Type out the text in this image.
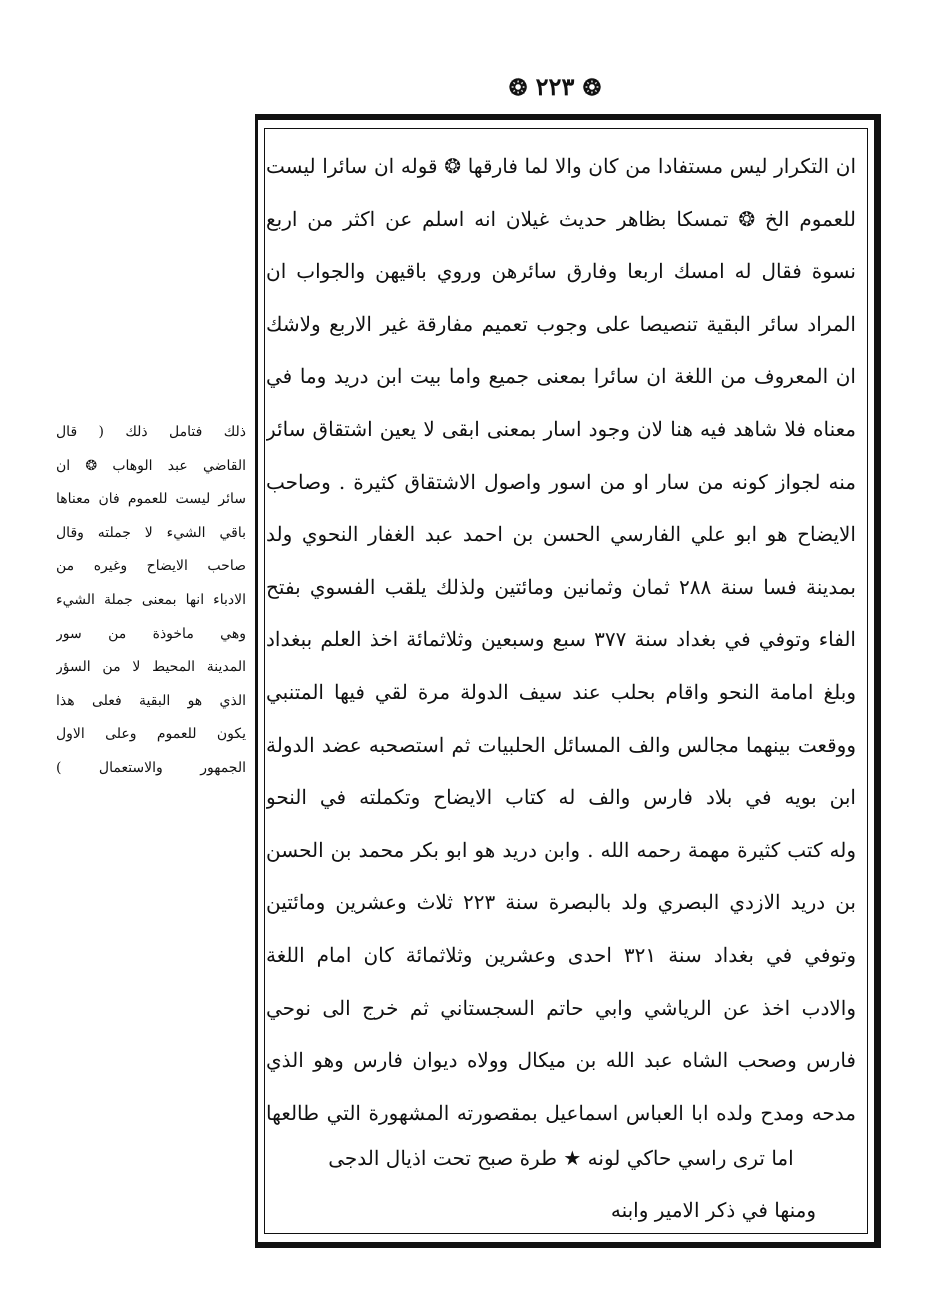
❂ ٢٢٣ ❂
ان التكرار ليس مستفادا من كان والا لما فارقها ❂ قوله ان سائرا ليست
للعموم الخ ❂ تمسكا بظاهر حديث غيلان انه اسلم عن اكثر من اربع
نسوة فقال له امسك اربعا وفارق سائرهن وروي باقيهن والجواب ان
المراد سائر البقية تنصيصا على وجوب تعميم مفارقة غير الاربع ولاشك
ان المعروف من اللغة ان سائرا بمعنى جميع واما بيت ابن دريد وما في
معناه فلا شاهد فيه هنا لان وجود اسار بمعنى ابقى لا يعين اشتقاق سائر
منه لجواز كونه من سار او من اسور واصول الاشتقاق كثيرة . وصاحب
الايضاح هو ابو علي الفارسي الحسن بن احمد عبد الغفار النحوي ولد
بمدينة فسا سنة ٢٨٨ ثمان وثمانين ومائتين ولذلك يلقب الفسوي بفتح
الفاء وتوفي في بغداد سنة ٣٧٧ سبع وسبعين وثلاثمائة اخذ العلم ببغداد
وبلغ امامة النحو واقام بحلب عند سيف الدولة مرة لقي فيها المتنبي
ووقعت بينهما مجالس والف المسائل الحلبيات ثم استصحبه عضد الدولة
ابن بويه في بلاد فارس والف له كتاب الايضاح وتكملته في النحو
وله كتب كثيرة مهمة رحمه الله . وابن دريد هو ابو بكر محمد بن الحسن
بن دريد الازدي البصري ولد بالبصرة سنة ٢٢٣ ثلاث وعشرين ومائتين
وتوفي في بغداد سنة ٣٢١ احدى وعشرين وثلاثمائة كان امام اللغة
والادب اخذ عن الرياشي وابي حاتم السجستاني ثم خرج الى نوحي
فارس وصحب الشاه عبد الله بن ميكال وولاه ديوان فارس وهو الذي
مدحه ومدح ولده ابا العباس اسماعيل بمقصورته المشهورة التي طالعها
اما ترى راسي حاكي لونه ★ طرة صبح تحت اذيال الدجى
ومنها في ذكر الامير وابنه
ذلك فتامل ذلك ( قال
القاضي عبد الوهاب ❂ ان
سائر ليست للعموم فان معناها
باقي الشيء لا جملته وقال
صاحب الايضاح وغيره من
الادباء انها بمعنى جملة الشيء
وهي ماخوذة من سور
المدينة المحيط لا من السؤر
الذي هو البقية فعلى هذا
يكون للعموم وعلى الاول
الجمهور والاستعمال )
